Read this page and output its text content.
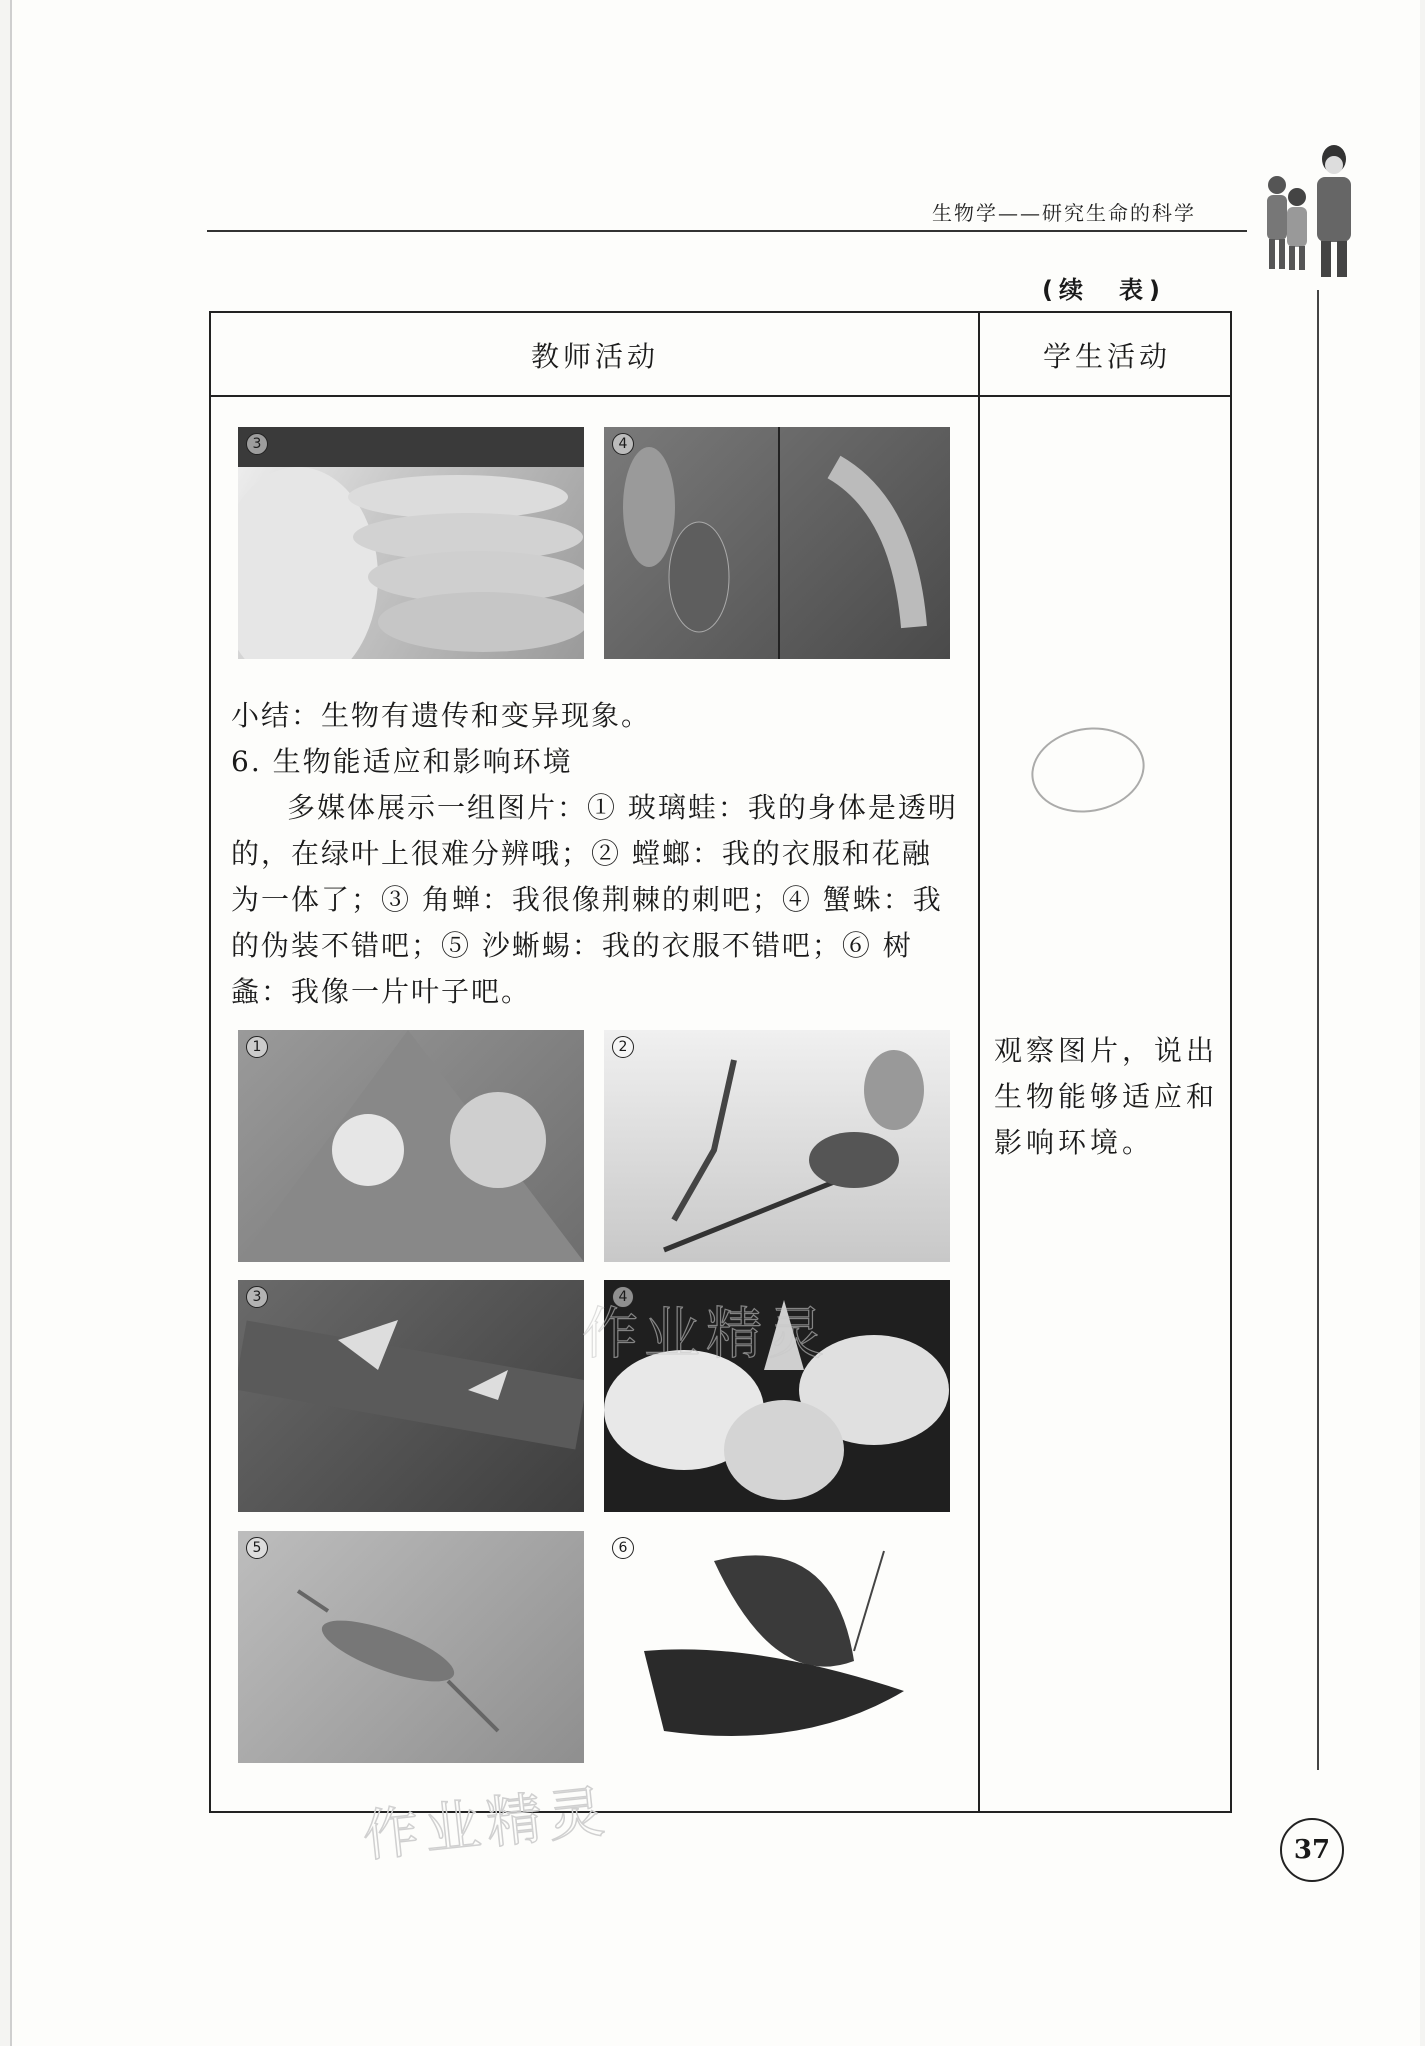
生物学——研究生命的科学
(续　表)
教师活动	学生活动
3	4
小结：生物有遗传和变异现象。
6. 生物能适应和影响环境
多媒体展示一组图片：① 玻璃蛙：我的身体是透明的，在绿叶上很难分辨哦；② 螳螂：我的衣服和花融为一体了；③ 角蝉：我很像荆棘的刺吧；④ 蟹蛛：我的伪装不错吧；⑤ 沙蜥蜴：我的衣服不错吧；⑥ 树螽：我像一片叶子吧。
1	2
3	4
5	6
观察图片，说出生物能够适应和影响环境。
作业精灵
作业精灵
37
